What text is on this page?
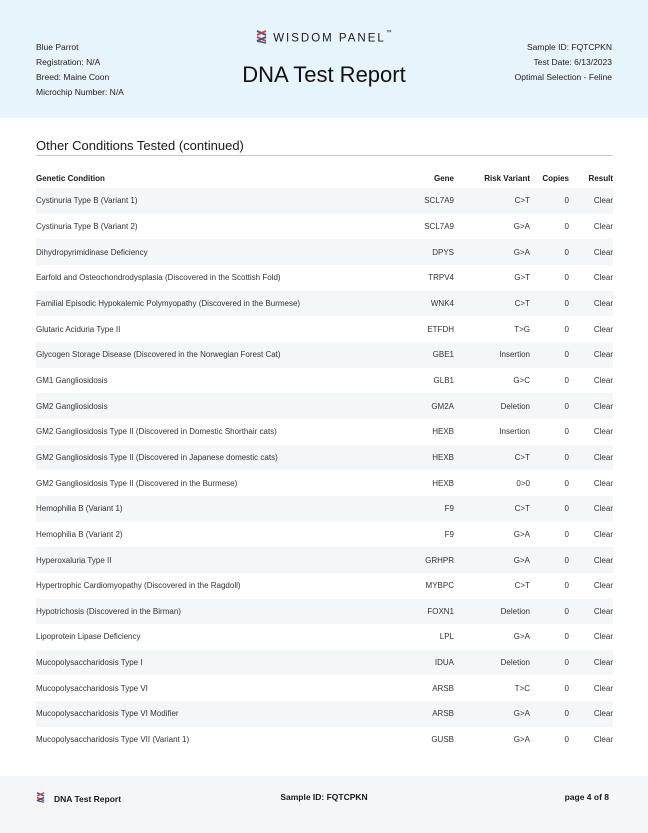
Blue Parrot
Registration: N/A
Breed: Maine Coon
Microchip Number: N/A
WISDOM PANEL™
DNA Test Report
Sample ID: FQTCPKN
Test Date: 6/13/2023
Optimal Selection - Feline
Other Conditions Tested (continued)
Genetic Condition	Gene	Risk Variant	Copies	Result
Cystinuria Type B (Variant 1)	SCL7A9	C>T	0	Clear
Cystinuria Type B (Variant 2)	SCL7A9	G>A	0	Clear
Dihydropyrimidinase Deficiency	DPYS	G>A	0	Clear
Earfold and Osteochondrodysplasia (Discovered in the Scottish Fold)	TRPV4	G>T	0	Clear
Familial Episodic Hypokalemic Polymyopathy (Discovered in the Burmese)	WNK4	C>T	0	Clear
Glutaric Aciduria Type II	ETFDH	T>G	0	Clear
Glycogen Storage Disease (Discovered in the Norwegian Forest Cat)	GBE1	Insertion	0	Clear
GM1 Gangliosidosis	GLB1	G>C	0	Clear
GM2 Gangliosidosis	GM2A	Deletion	0	Clear
GM2 Gangliosidosis Type II (Discovered in Domestic Shorthair cats)	HEXB	Insertion	0	Clear
GM2 Gangliosidosis Type II (Discovered in Japanese domestic cats)	HEXB	C>T	0	Clear
GM2 Gangliosidosis Type II (Discovered in the Burmese)	HEXB	0>0	0	Clear
Hemophilia B (Variant 1)	F9	C>T	0	Clear
Hemophilia B (Variant 2)	F9	G>A	0	Clear
Hyperoxaluria Type II	GRHPR	G>A	0	Clear
Hypertrophic Cardiomyopathy (Discovered in the Ragdoll)	MYBPC	C>T	0	Clear
Hypotrichosis (Discovered in the Birman)	FOXN1	Deletion	0	Clear
Lipoprotein Lipase Deficiency	LPL	G>A	0	Clear
Mucopolysaccharidosis Type I	IDUA	Deletion	0	Clear
Mucopolysaccharidosis Type VI	ARSB	T>C	0	Clear
Mucopolysaccharidosis Type VI Modifier	ARSB	G>A	0	Clear
Mucopolysaccharidosis Type VII (Variant 1)	GUSB	G>A	0	Clear
DNA Test Report	Sample ID: FQTCPKN	page 4 of 8
